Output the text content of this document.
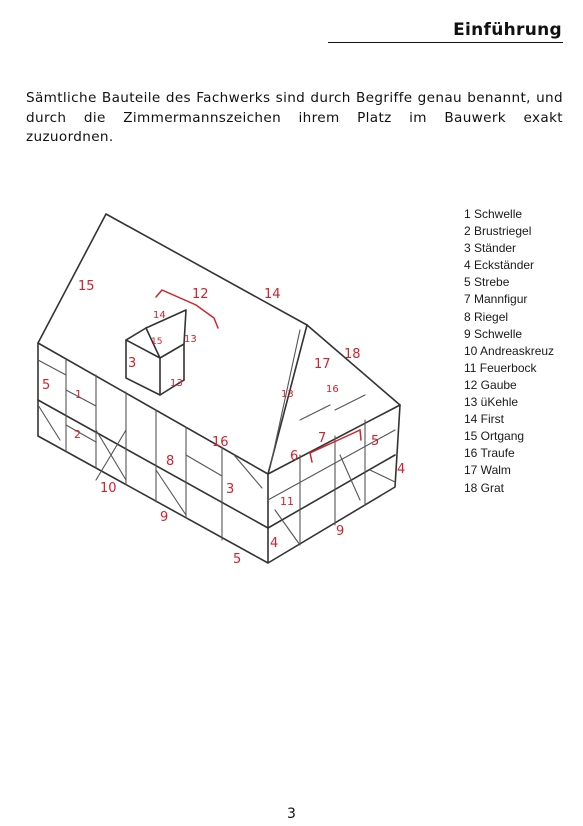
Einführung

Sämtliche Bauteile des Fachwerks sind durch Begriffe genau benannt, und durch die Zimmermannszeichen ihrem Platz im Bauwerk exakt zuzuordnen.

15
12	14
14
15 13
3
13
5
1
2
17
18
13	16
16
8
7	5
6
4
10	3
11
9
9
4
5
1 Schwelle
2 Brustriegel
3 Ständer
4 Eckständer
5 Strebe
7 Mannfigur
8 Riegel
9 Schwelle
10 Andreaskreuz
11 Feuerbock
12 Gaube
13 üKehle
14 First
15 Ortgang
16 Traufe
17 Walm
18 Grat
3
